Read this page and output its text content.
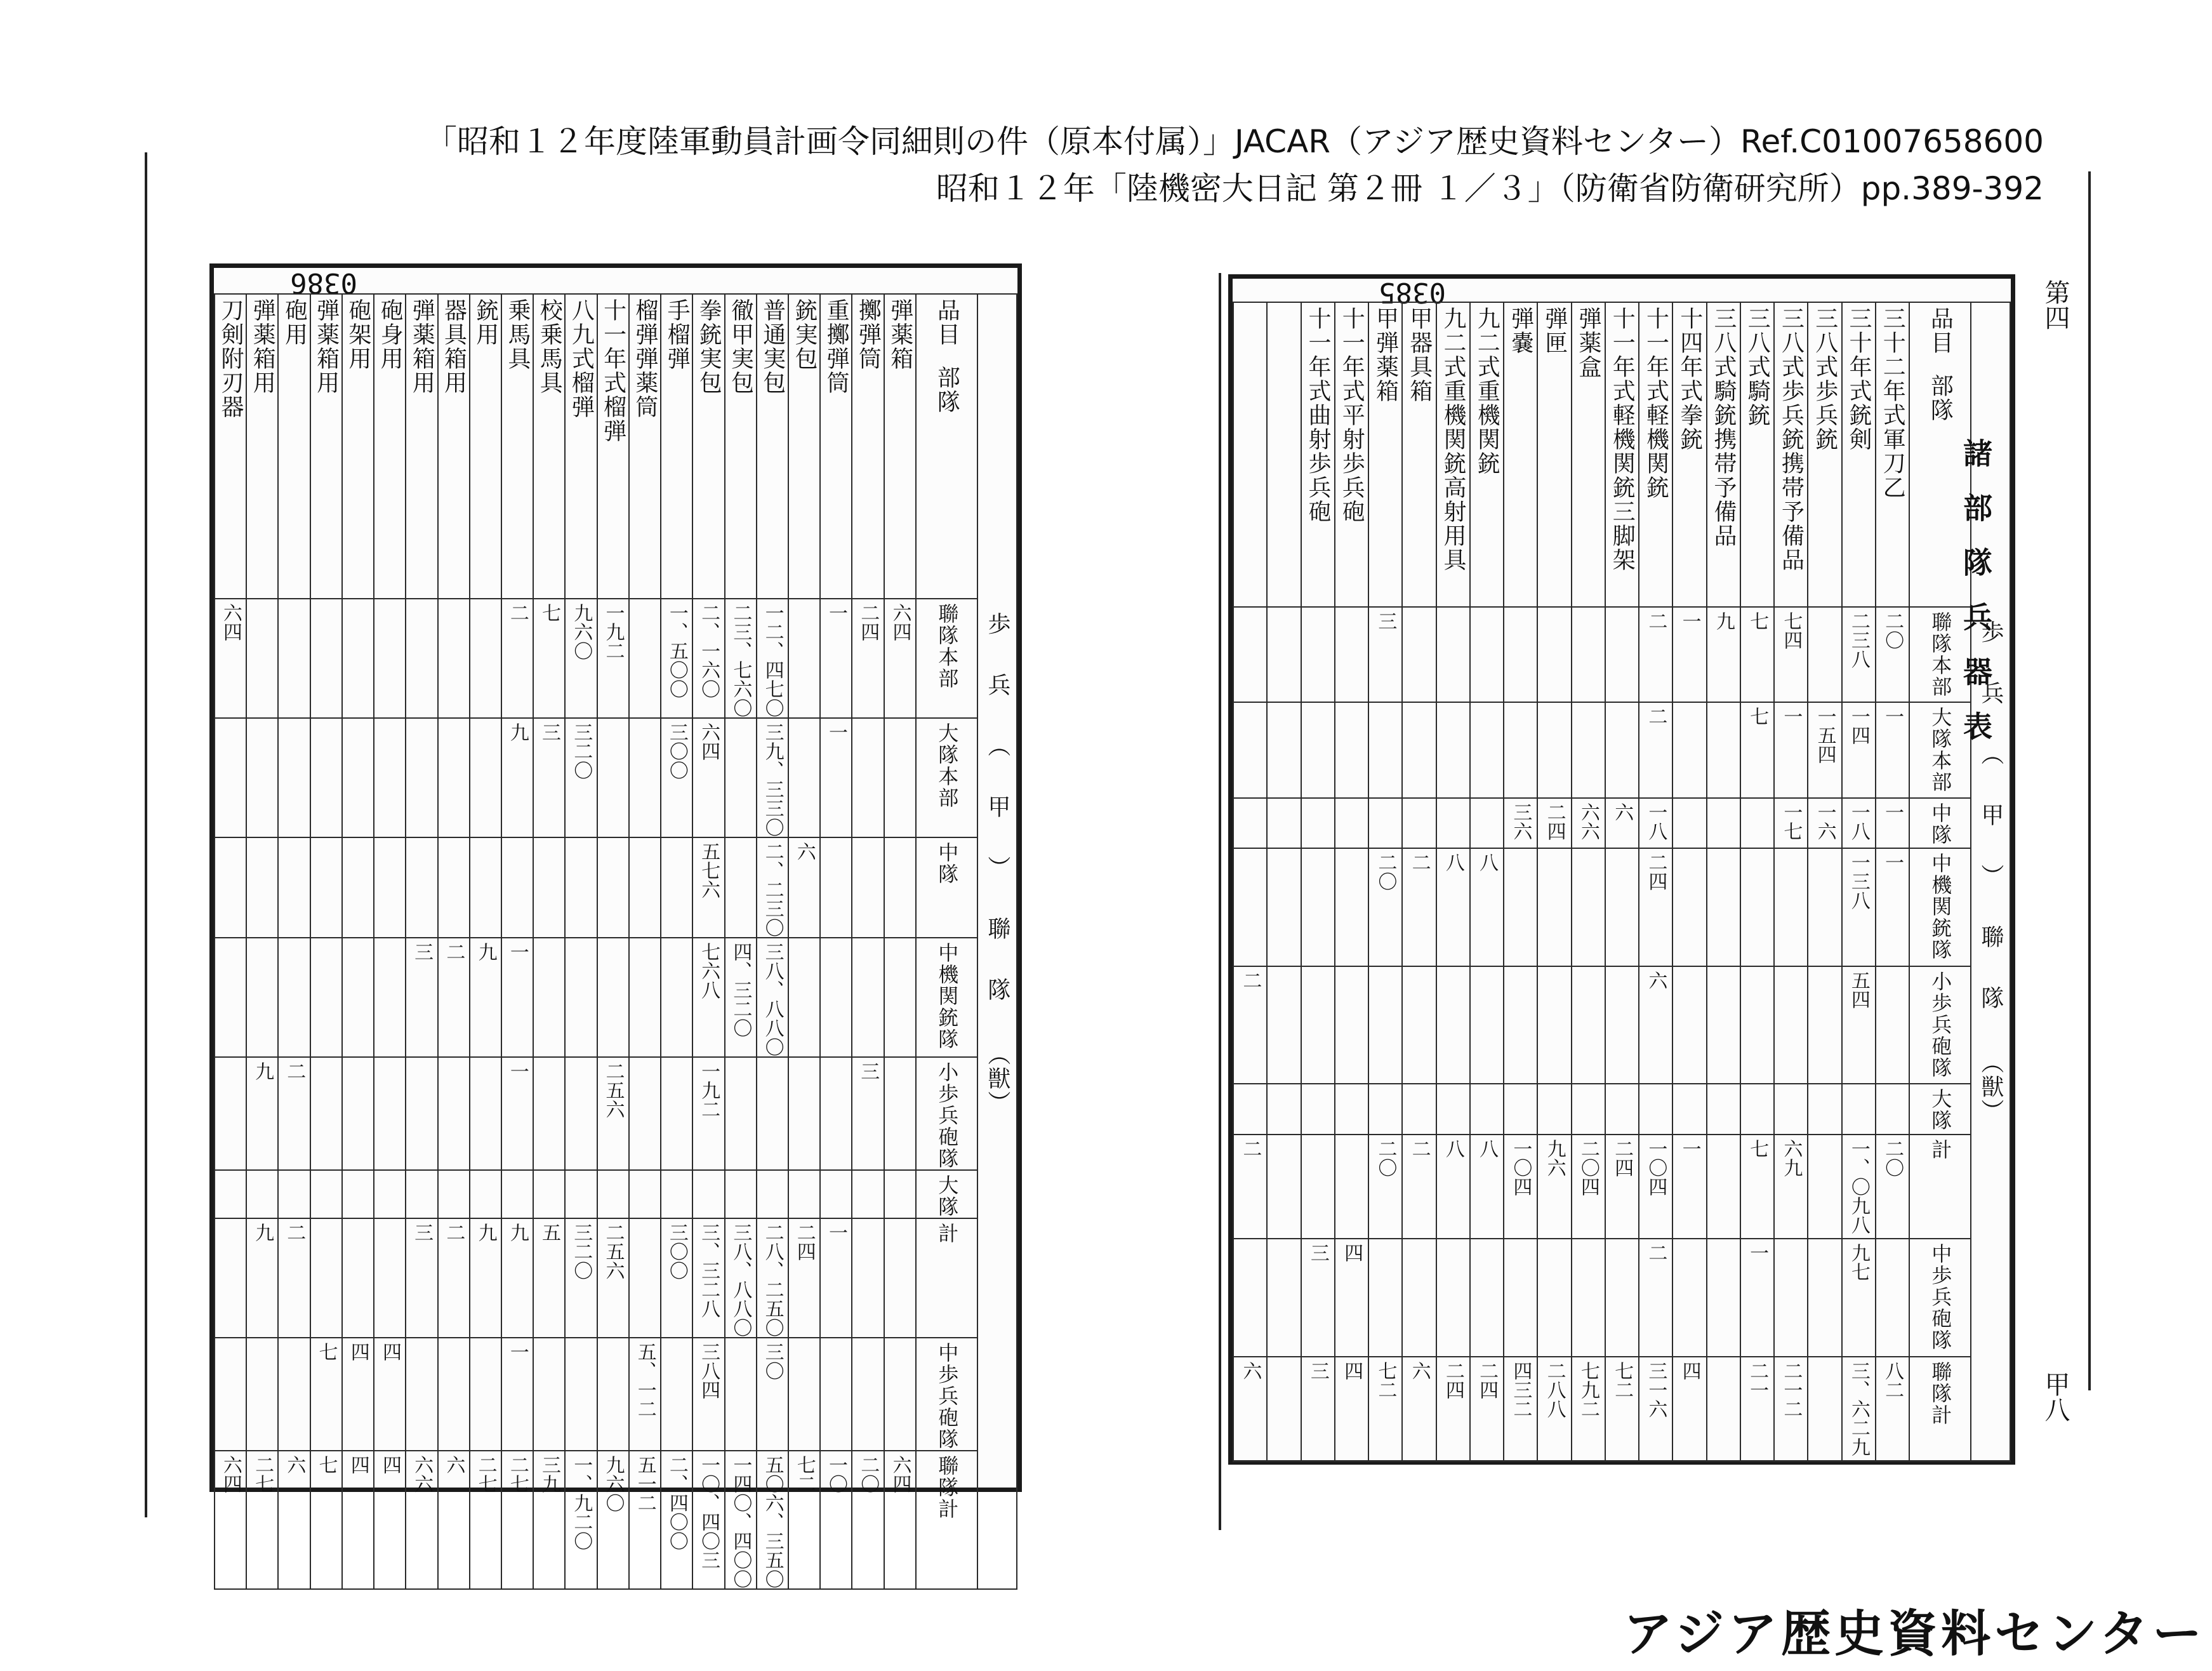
「昭和１２年度陸軍動員計画令同細則の件（原本付属）」JACAR（アジア歴史資料センター）Ref.C01007658600
昭和１２年「陸機密大日記 第２冊 １／３」（防衛省防衛研究所）pp.389-392
0386
刀剣附刃器	弾薬箱用	砲用	弾薬箱用	砲架用	砲身用	弾薬箱用	器具箱用	銃用	乗馬具	校乗馬具	八九式榴弾	十一年式榴弾	榴弾弾薬筒	手榴弾	拳銃実包	徹甲実包	普通実包	銃実包	重擲弾筒	擲弾筒	弾薬箱	品目
部隊	歩兵（甲）聯隊
（獣）

六四									二	七	九六〇	一九二		一、五〇〇	二、一六〇	二三、七六〇	一二、四七〇		一	二四	六四	聯隊本部	

									九	三	三二〇			三〇〇	六四		三九、三三〇		一			大隊本部	

															五七六		二、二三〇	六				中隊	

						三	二	九	一						七六八	四、三二〇	三八、八八〇					中機関銃隊	

	九	二							一			二五六			一九二					三		小歩兵砲隊	

																						大隊	

	九	二				三	二	九	九	五	三二〇	二五六		三〇〇	三、三二八	三八、八八〇	二八、二五〇	二四	一			計	

			七	四	四				一				五、一二		三八四		三〇					中歩兵砲隊	

六四	二七	六	七	四	四	六六	六	二七	二七	三九	一、九二〇	九六〇	五一二	二、四〇〇	一〇、四〇三	一四〇、四〇〇	五〇六、三五〇	七二	一〇	二〇	六四	聯隊計	
0385

		十一年式曲射歩兵砲	十一年式平射歩兵砲	甲弾薬箱	甲器具箱	九二式重機関銃高射用具	九二式重機関銃	弾嚢	弾匣	弾薬盒	十一年式軽機関銃三脚架	十一年式軽機関銃	十四年式拳銃	三八式騎銃携帯予備品	三八式騎銃	三八式歩兵銃携帯予備品	三八式歩兵銃	三十年式銃剣	三十二年式軍刀乙	品目
部隊	歩兵（甲）聯隊
（獣）

				三								二	一	九	七	七四		二三八	二〇	聯隊本部	

												二			七	一	一五四	一四	一	大隊本部	

								三六	二四	六六	六	一八				一七	一六	一八	一	中隊	

				二〇	二	八	八					二四						一三八	一	中機関銃隊	

二												六						五四		小歩兵砲隊	

																				大隊	

二				二〇	二	八	八	一〇四	九六	二〇四	二四	一〇四	一		七	六九		一、〇九八	二〇	計	

		三	四									二			一			九七		中歩兵砲隊	

六		三	四	七二	六	二四	二四	四三二	二八八	七九二	七二	三一六	四		二一	二一二		三、六二九	八二	聯隊計	
諸部隊兵器表
第四
甲八
アジア歴史資料センター
